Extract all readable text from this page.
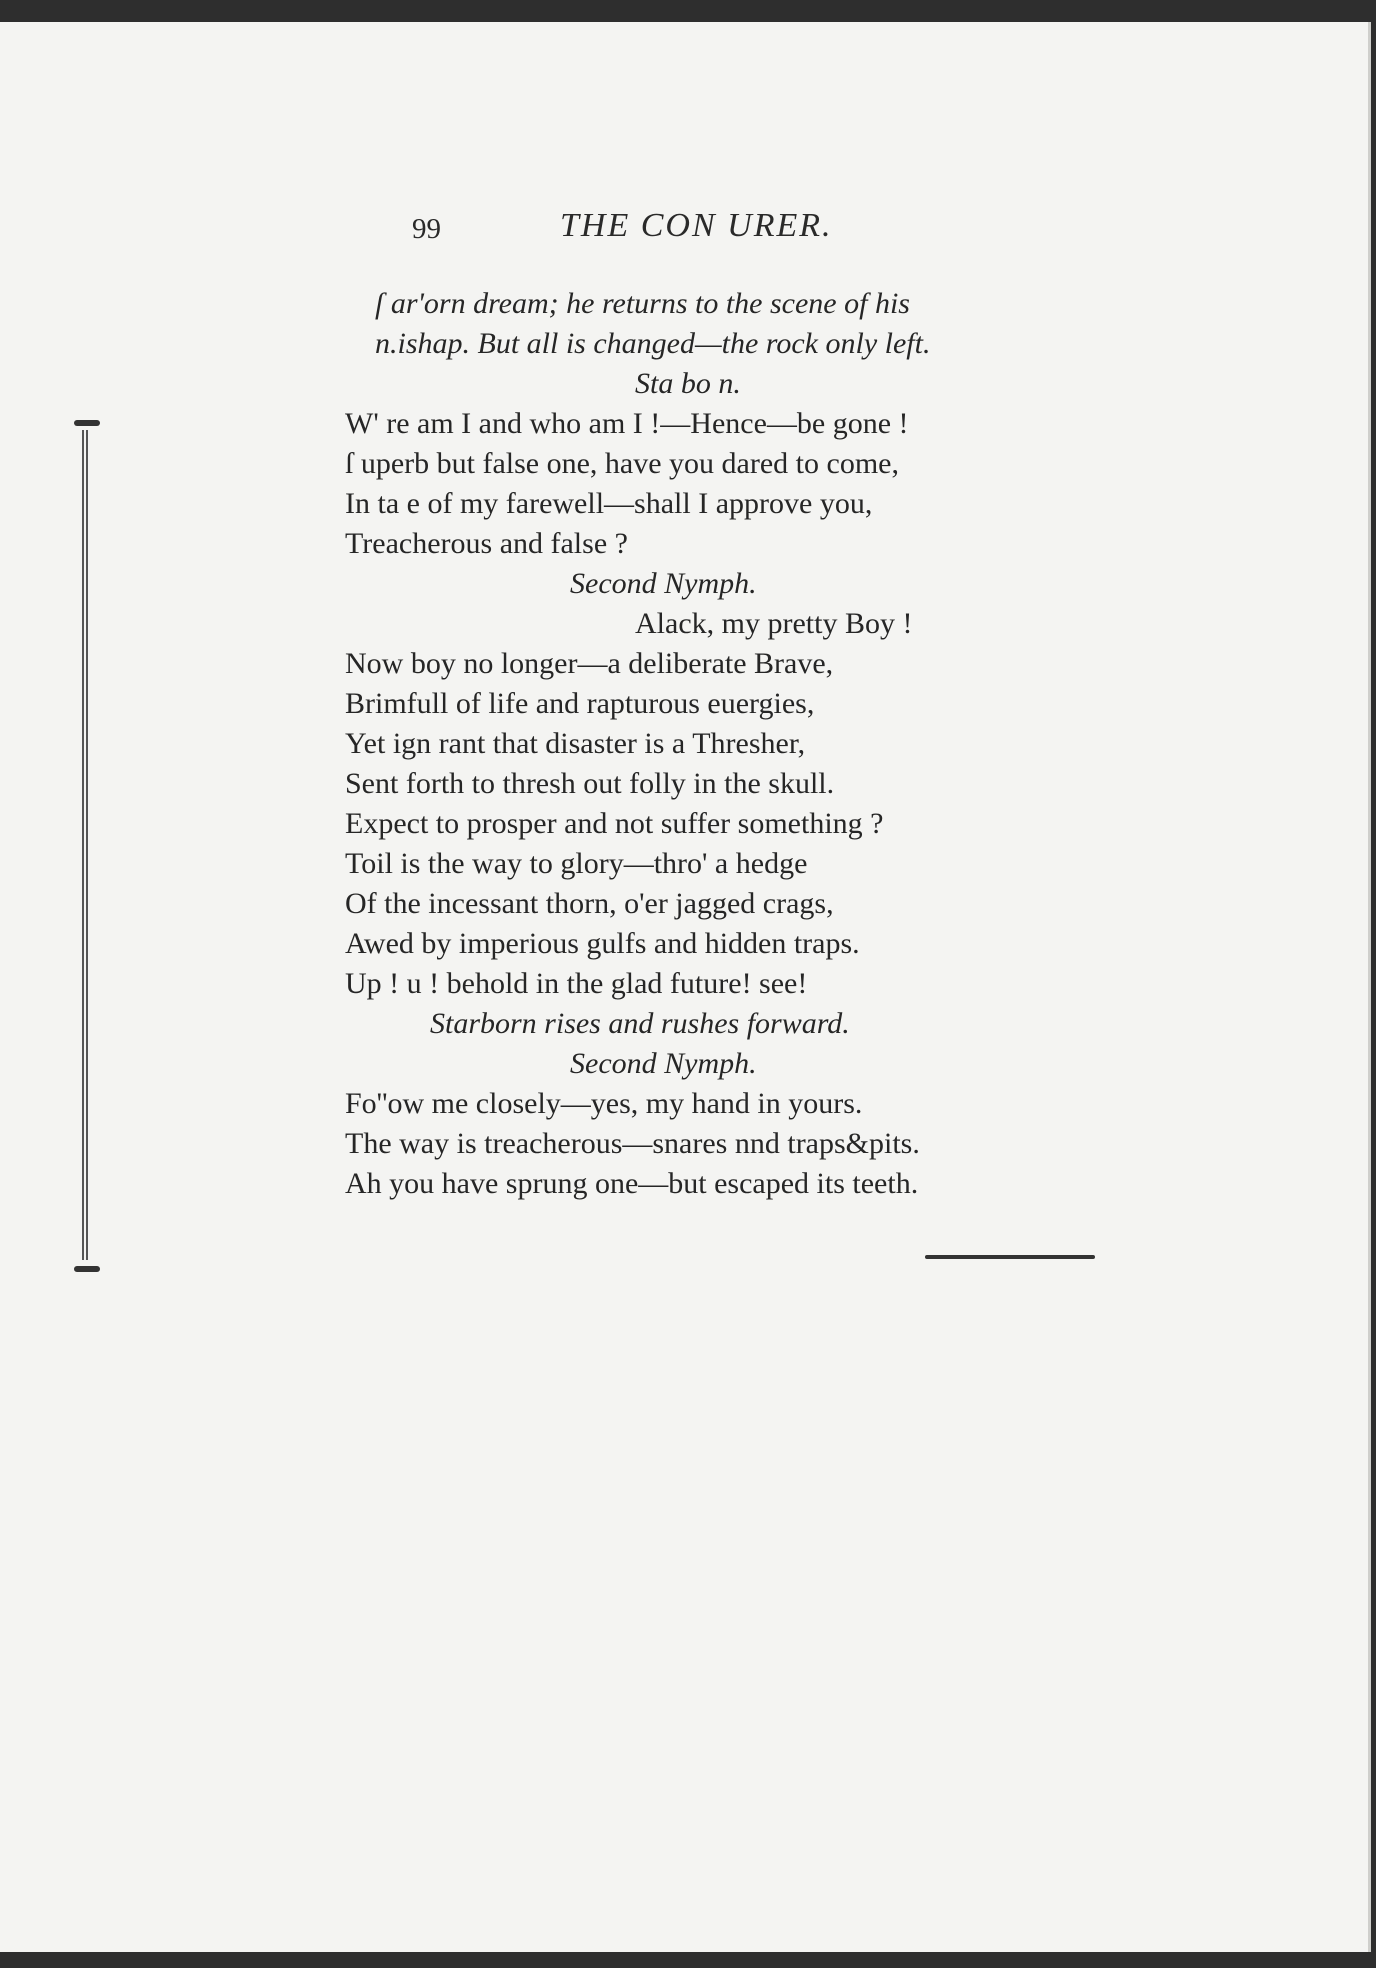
99	THE CON URER.

ſ ar'orn dream; he returns to the scene of his

n.ishap. But all is changed—the rock only left.

Sta bo n.

W' re am I and who am I !—Hence—be gone !

ſ uperb but false one, have you dared to come,

In ta e of my farewell—shall I approve you,

Treacherous and false ?

Second Nymph.

Alack, my pretty Boy !

Now boy no longer—a deliberate Brave,

Brimfull of life and rapturous euergies,

Yet ign rant that disaster is a Thresher,

Sent forth to thresh out folly in the skull.

Expect to prosper and not suffer something ?

Toil is the way to glory—thro' a hedge

Of the incessant thorn, o'er jagged crags,

Awed by imperious gulfs and hidden traps.

Up ! u ! behold in the glad future! see!

Starborn rises and rushes forward.

Second Nymph.

Fo''ow me closely—yes, my hand in yours.

The way is treacherous—snares nnd traps&pits.

Ah you have sprung one—but escaped its teeth.
